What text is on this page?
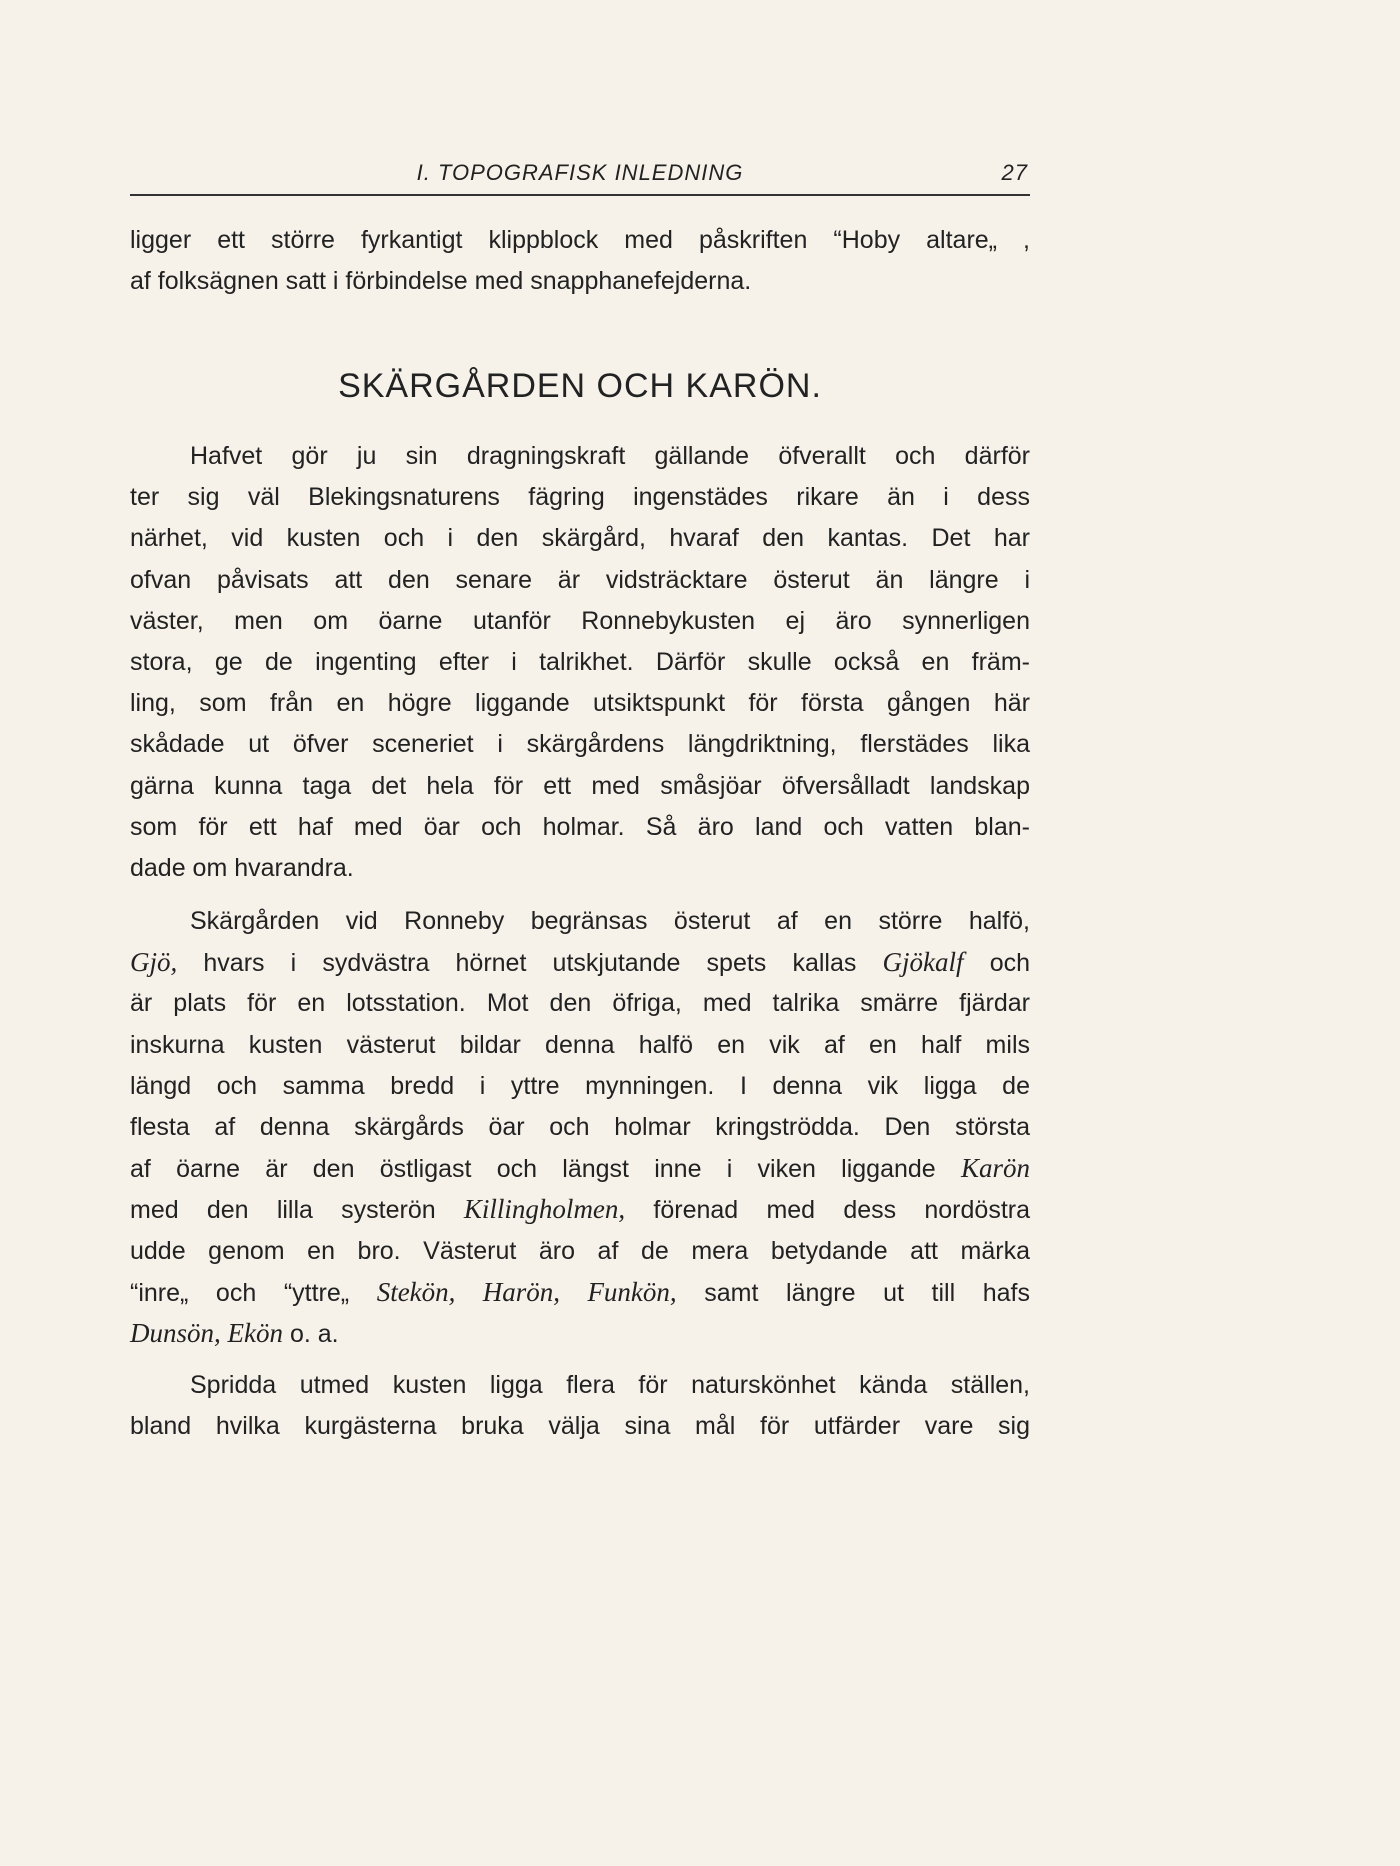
I. TOPOGRAFISK INLEDNING	27
ligger ett större fyrkantigt klippblock med påskriften “Hoby altare„ ,
af folksägnen satt i förbindelse med snapphanefejderna.
SKÄRGÅRDEN OCH KARÖN.
Hafvet gör ju sin dragningskraft gällande öfverallt och därför
ter sig väl Blekingsnaturens fägring ingenstädes rikare än i dess
närhet, vid kusten och i den skärgård, hvaraf den kantas. Det har
ofvan påvisats att den senare är vidsträcktare österut än längre i
väster, men om öarne utanför Ronnebykusten ej äro synnerligen
stora, ge de ingenting efter i talrikhet. Därför skulle också en främ-
ling, som från en högre liggande utsiktspunkt för första gången här
skådade ut öfver sceneriet i skärgårdens längdriktning, flerstädes lika
gärna kunna taga det hela för ett med småsjöar öfversålladt landskap
som för ett haf med öar och holmar. Så äro land och vatten blan-
dade om hvarandra.
Skärgården vid Ronneby begränsas österut af en större halfö,
Gjö, hvars i sydvästra hörnet utskjutande spets kallas Gjökalf och
är plats för en lotsstation. Mot den öfriga, med talrika smärre fjärdar
inskurna kusten västerut bildar denna halfö en vik af en half mils
längd och samma bredd i yttre mynningen. I denna vik ligga de
flesta af denna skärgårds öar och holmar kringströdda. Den största
af öarne är den östligast och längst inne i viken liggande Karön
med den lilla systerön Killingholmen, förenad med dess nordöstra
udde genom en bro. Västerut äro af de mera betydande att märka
“inre„ och “yttre„ Stekön, Harön, Funkön, samt längre ut till hafs
Dunsön, Ekön o. a.
Spridda utmed kusten ligga flera för naturskönhet kända ställen,
bland hvilka kurgästerna bruka välja sina mål för utfärder vare sig
